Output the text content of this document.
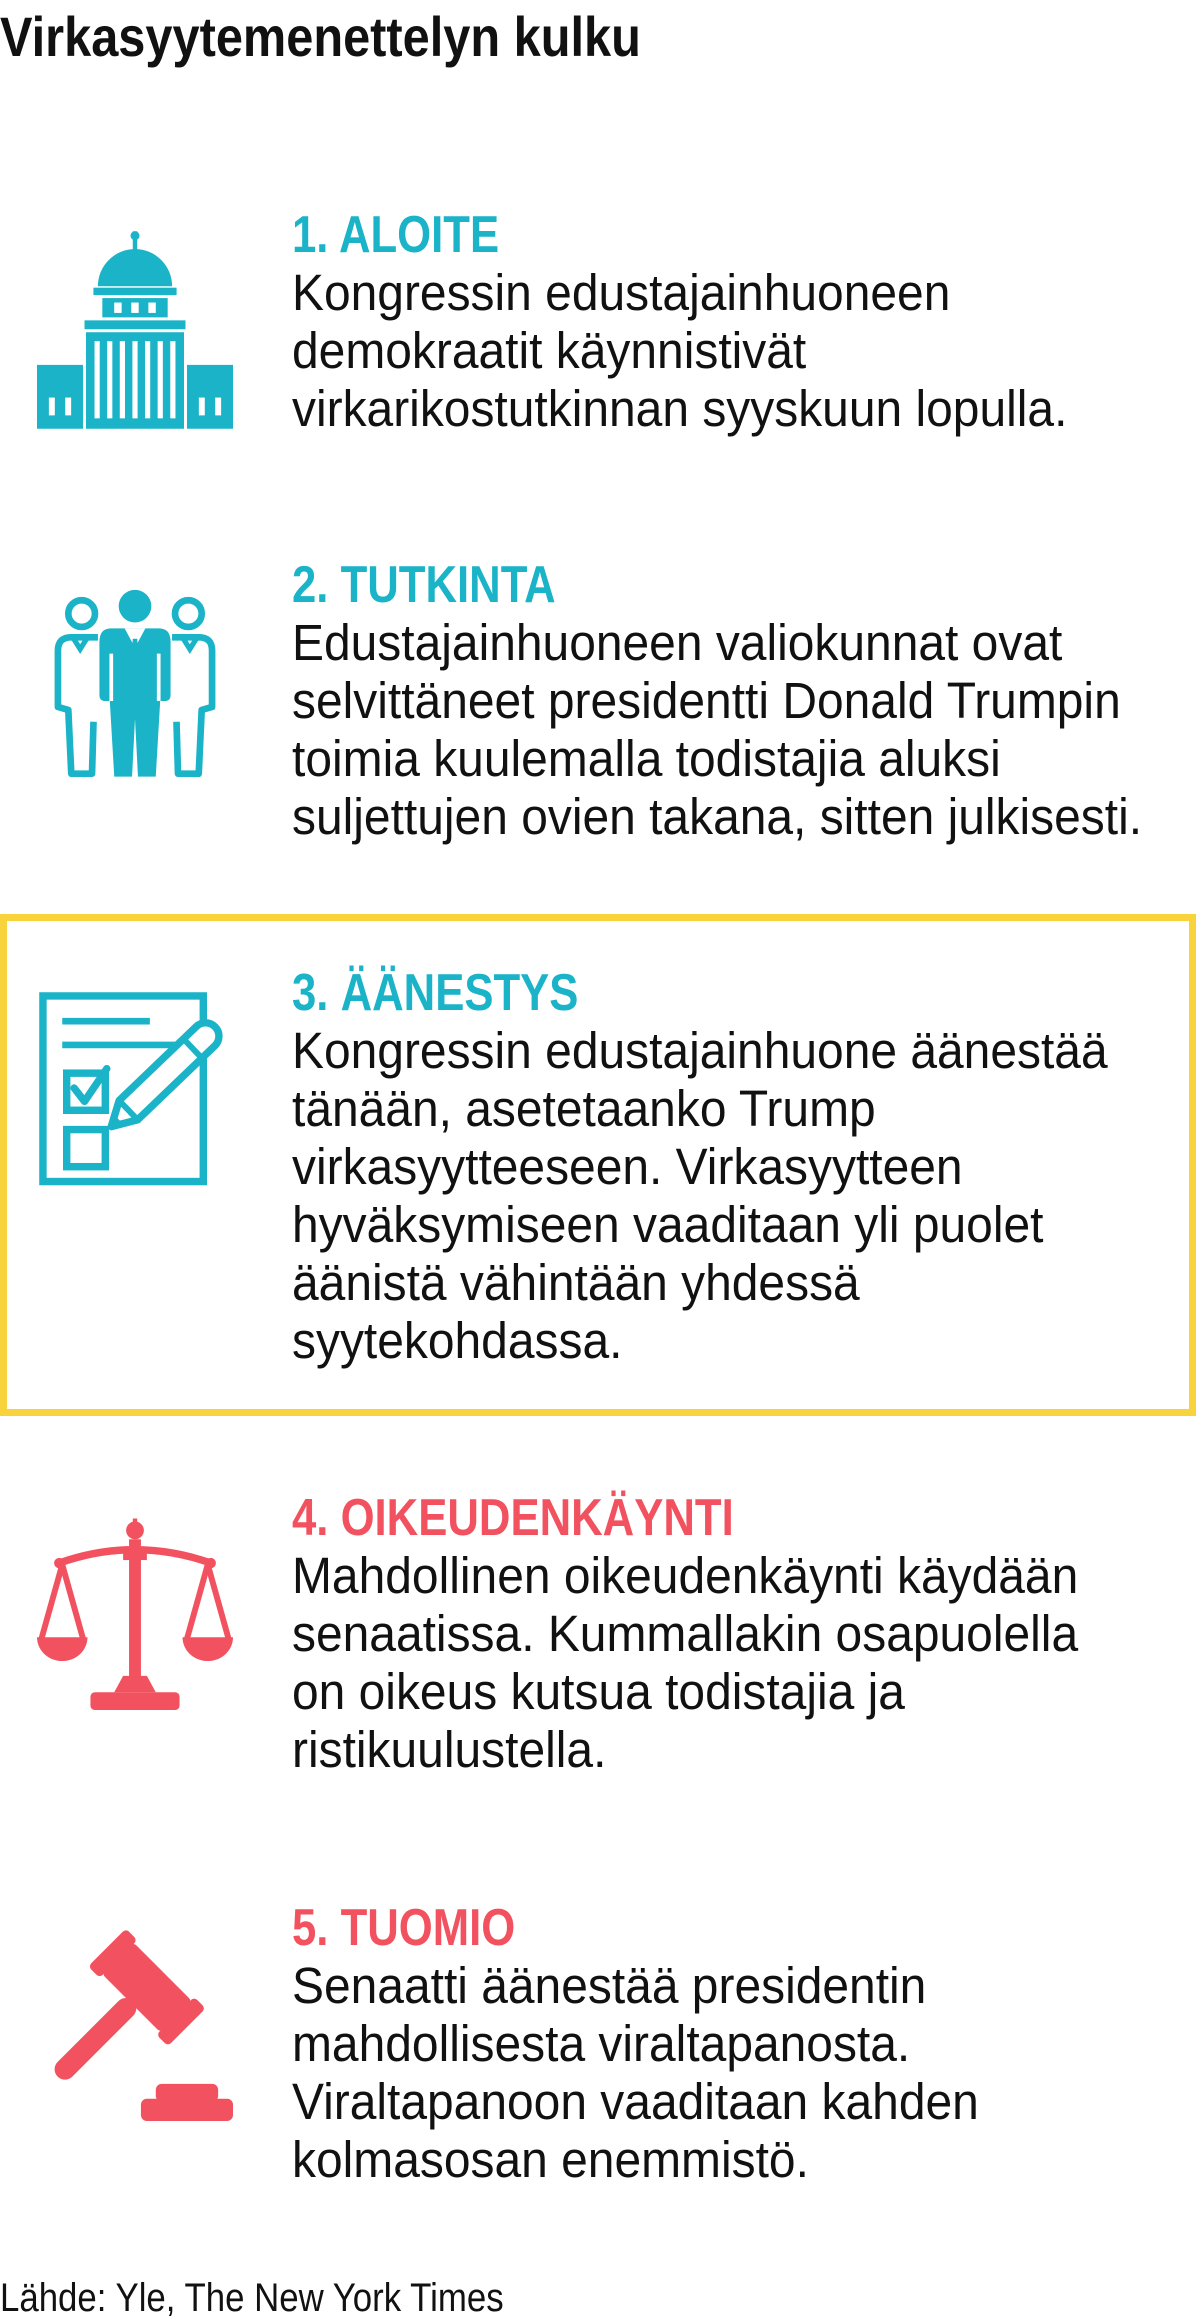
Virkasyytemenettelyn kulku
1. ALOITE
Kongressin edustajainhuoneen
demokraatit käynnistivät
virkarikostutkinnan syyskuun lopulla.
2. TUTKINTA
Edustajainhuoneen valiokunnat ovat
selvittäneet presidentti Donald Trumpin
toimia kuulemalla todistajia aluksi
suljettujen ovien takana, sitten julkisesti.
3. ÄÄNESTYS
Kongressin edustajainhuone äänestää
tänään, asetetaanko Trump
virkasyytteeseen. Virkasyytteen
hyväksymiseen vaaditaan yli puolet
äänistä vähintään yhdessä
syytekohdassa.
4. OIKEUDENKÄYNTI
Mahdollinen oikeudenkäynti käydään
senaatissa. Kummallakin osapuolella
on oikeus kutsua todistajia ja
ristikuulustella.
5. TUOMIO
Senaatti äänestää presidentin
mahdollisesta viraltapanosta.
Viraltapanoon vaaditaan kahden
kolmasosan enemmistö.
Lähde: Yle, The New York Times
